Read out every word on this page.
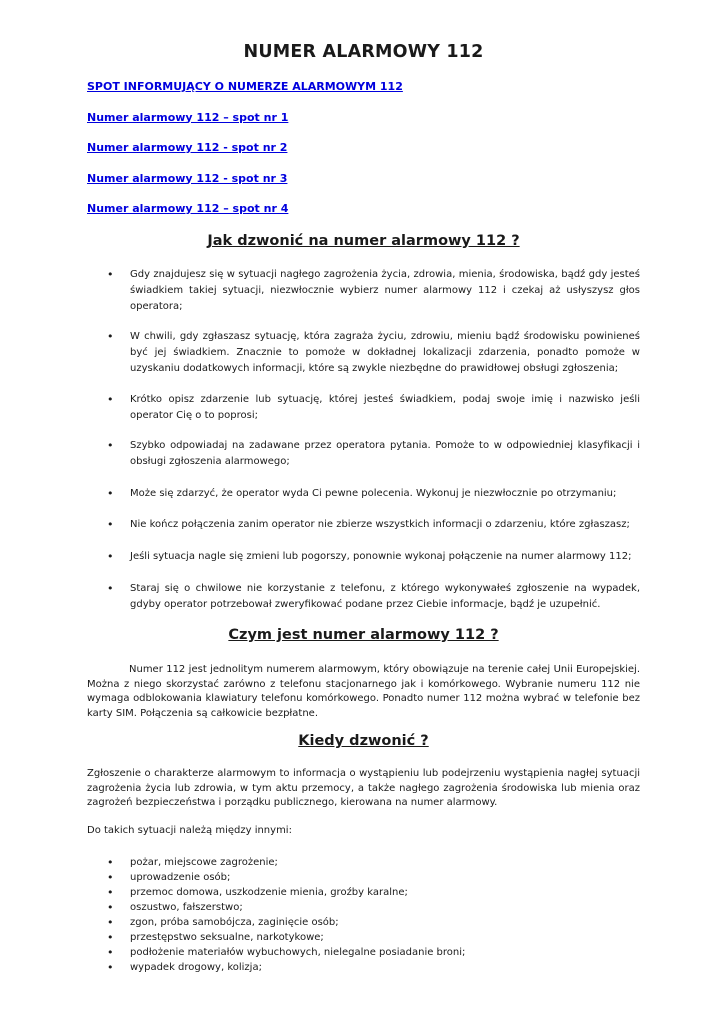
NUMER ALARMOWY 112
SPOT INFORMUJĄCY O NUMERZE ALARMOWYM 112
Numer alarmowy 112 – spot nr 1
Numer alarmowy 112 - spot nr 2
Numer alarmowy 112 - spot nr 3
Numer alarmowy 112 – spot nr 4
Jak dzwonić na numer alarmowy 112 ?
• Gdy znajdujesz się w sytuacji nagłego zagrożenia życia, zdrowia, mienia, środowiska, bądź gdy jesteś świadkiem takiej sytuacji, niezwłocznie wybierz numer alarmowy 112 i czekaj aż usłyszysz głos operatora;
• W chwili, gdy zgłaszasz sytuację, która zagraża życiu, zdrowiu, mieniu bądź środowisku powinieneś być jej świadkiem. Znacznie to pomoże w dokładnej lokalizacji zdarzenia, ponadto pomoże w uzyskaniu dodatkowych informacji, które są zwykle niezbędne do prawidłowej obsługi zgłoszenia;
• Krótko opisz zdarzenie lub sytuację, której jesteś świadkiem, podaj swoje imię i nazwisko jeśli operator Cię o to poprosi;
• Szybko odpowiadaj na zadawane przez operatora pytania. Pomoże to w odpowiedniej klasyfikacji i obsługi zgłoszenia alarmowego;
• Może się zdarzyć, że operator wyda Ci pewne polecenia. Wykonuj je niezwłocznie po otrzymaniu;
• Nie kończ połączenia zanim operator nie zbierze wszystkich informacji o zdarzeniu, które zgłaszasz;
• Jeśli sytuacja nagle się zmieni lub pogorszy, ponownie wykonaj połączenie na numer alarmowy 112;
• Staraj się o chwilowe nie korzystanie z telefonu, z którego wykonywałeś zgłoszenie na wypadek, gdyby operator potrzebował zweryfikować podane przez Ciebie informacje, bądź je uzupełnić.
Czym jest numer alarmowy 112 ?

Numer 112 jest jednolitym numerem alarmowym, który obowiązuje na terenie całej Unii Europejskiej. Można z niego skorzystać zarówno z telefonu stacjonarnego jak i komórkowego. Wybranie numeru 112 nie wymaga odblokowania klawiatury telefonu komórkowego. Ponadto numer 112 można wybrać w telefonie bez karty SIM. Połączenia są całkowicie bezpłatne.

Kiedy dzwonić ?

Zgłoszenie o charakterze alarmowym to informacja o wystąpieniu lub podejrzeniu wystąpienia nagłej sytuacji zagrożenia życia lub zdrowia, w tym aktu przemocy, a także nagłego zagrożenia środowiska lub mienia oraz zagrożeń bezpieczeństwa i porządku publicznego, kierowana na numer alarmowy.

Do takich sytuacji należą między innymi:

• pożar, miejscowe zagrożenie;
• uprowadzenie osób;
• przemoc domowa, uszkodzenie mienia, groźby karalne;
• oszustwo, fałszerstwo;
• zgon, próba samobójcza, zaginięcie osób;
• przestępstwo seksualne, narkotykowe;
• podłożenie materiałów wybuchowych, nielegalne posiadanie broni;
• wypadek drogowy, kolizja;
